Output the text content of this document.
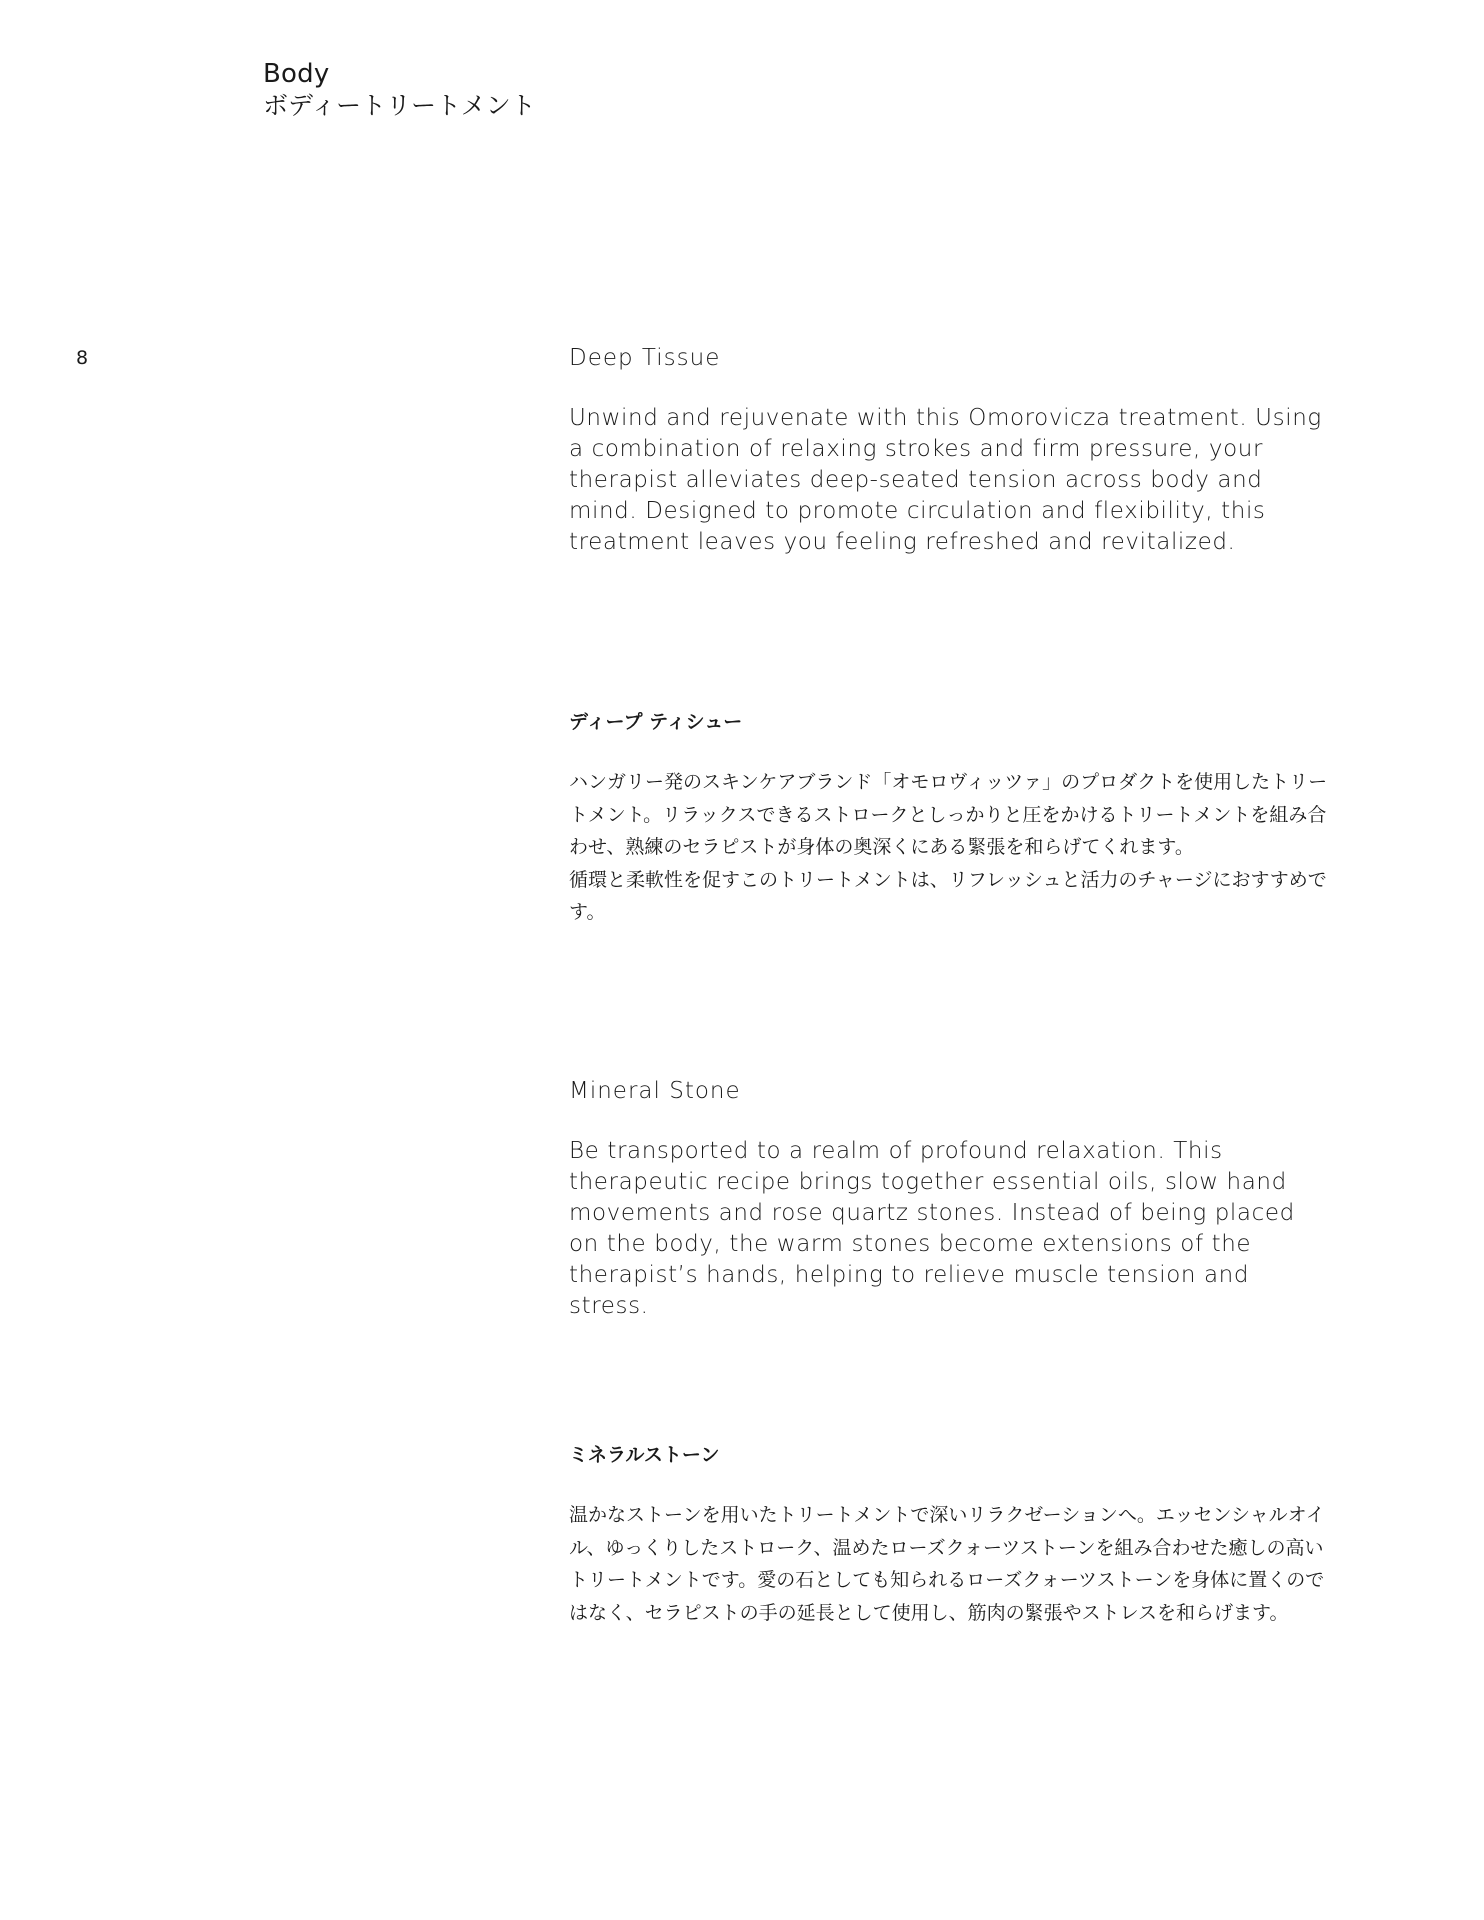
Body
ボディートリートメント
8	Deep Tissue

Unwind and rejuvenate with this Omorovicza treatment. Using a combination of relaxing strokes and firm pressure, your therapist alleviates deep-seated tension across body and mind. Designed to promote circulation and flexibility, this treatment leaves you feeling refreshed and revitalized.

ディープ ティシュー

ハンガリー発のスキンケアブランド「オモロヴィッツァ」のプロダクトを使用したトリートメント。リラックスできるストロークとしっかりと圧をかけるトリートメントを組み合わせ、熟練のセラピストが身体の奥深くにある緊張を和らげてくれます。

循環と柔軟性を促すこのトリートメントは、リフレッシュと活力のチャージにおすすめです。

Mineral Stone

Be transported to a realm of profound relaxation. This therapeutic recipe brings together essential oils, slow hand movements and rose quartz stones. Instead of being placed on the body, the warm stones become extensions of the therapist’s hands, helping to relieve muscle tension and stress.

ミネラルストーン

温かなストーンを用いたトリートメントで深いリラクゼーションへ。エッセンシャルオイル、ゆっくりしたストローク、温めたローズクォーツストーンを組み合わせた癒しの高いトリートメントです。愛の石としても知られるローズクォーツストーンを身体に置くのではなく、セラピストの手の延長として使用し、筋肉の緊張やストレスを和らげます。
